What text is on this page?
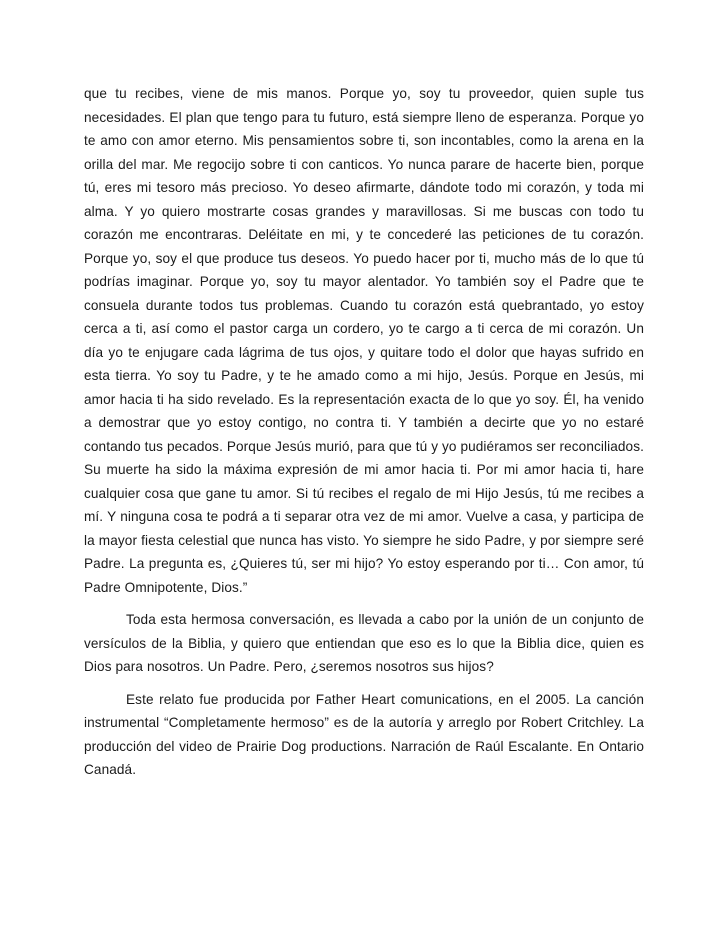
que tu recibes, viene de mis manos. Porque yo, soy tu proveedor, quien suple tus necesidades. El plan que tengo para tu futuro, está siempre lleno de esperanza. Porque yo te amo con amor eterno. Mis pensamientos sobre ti, son incontables, como la arena en la orilla del mar. Me regocijo sobre ti con canticos. Yo nunca parare de hacerte bien, porque tú, eres mi tesoro más precioso. Yo deseo afirmarte, dándote todo mi corazón, y toda mi alma. Y yo quiero mostrarte cosas grandes y maravillosas. Si me buscas con todo tu corazón me encontraras. Deléitate en mi, y te concederé las peticiones de tu corazón. Porque yo, soy el que produce tus deseos. Yo puedo hacer por ti, mucho más de lo que tú podrías imaginar. Porque yo, soy tu mayor alentador. Yo también soy el Padre que te consuela durante todos tus problemas. Cuando tu corazón está quebrantado, yo estoy cerca a ti, así como el pastor carga un cordero, yo te cargo a ti cerca de mi corazón. Un día yo te enjugare cada lágrima de tus ojos, y quitare todo el dolor que hayas sufrido en esta tierra. Yo soy tu Padre, y te he amado como a mi hijo, Jesús. Porque en Jesús, mi amor hacia ti ha sido revelado. Es la representación exacta de lo que yo soy. Él, ha venido a demostrar que yo estoy contigo, no contra ti. Y también a decirte que yo no estaré contando tus pecados. Porque Jesús murió, para que tú y yo pudiéramos ser reconciliados. Su muerte ha sido la máxima expresión de mi amor hacia ti. Por mi amor hacia ti, hare cualquier cosa que gane tu amor. Si tú recibes el regalo de mi Hijo Jesús, tú me recibes a mí. Y ninguna cosa te podrá a ti separar otra vez de mi amor. Vuelve a casa, y participa de la mayor fiesta celestial que nunca has visto. Yo siempre he sido Padre, y por siempre seré Padre. La pregunta es, ¿Quieres tú, ser mi hijo? Yo estoy esperando por ti… Con amor, tú Padre Omnipotente, Dios.”

Toda esta hermosa conversación, es llevada a cabo por la unión de un conjunto de versículos de la Biblia, y quiero que entiendan que eso es lo que la Biblia dice, quien es Dios para nosotros. Un Padre. Pero, ¿seremos nosotros sus hijos?

Este relato fue producida por Father Heart comunications, en el 2005. La canción instrumental “Completamente hermoso” es de la autoría y arreglo por Robert Critchley. La producción del video de Prairie Dog productions. Narración de Raúl Escalante. En Ontario Canadá.
